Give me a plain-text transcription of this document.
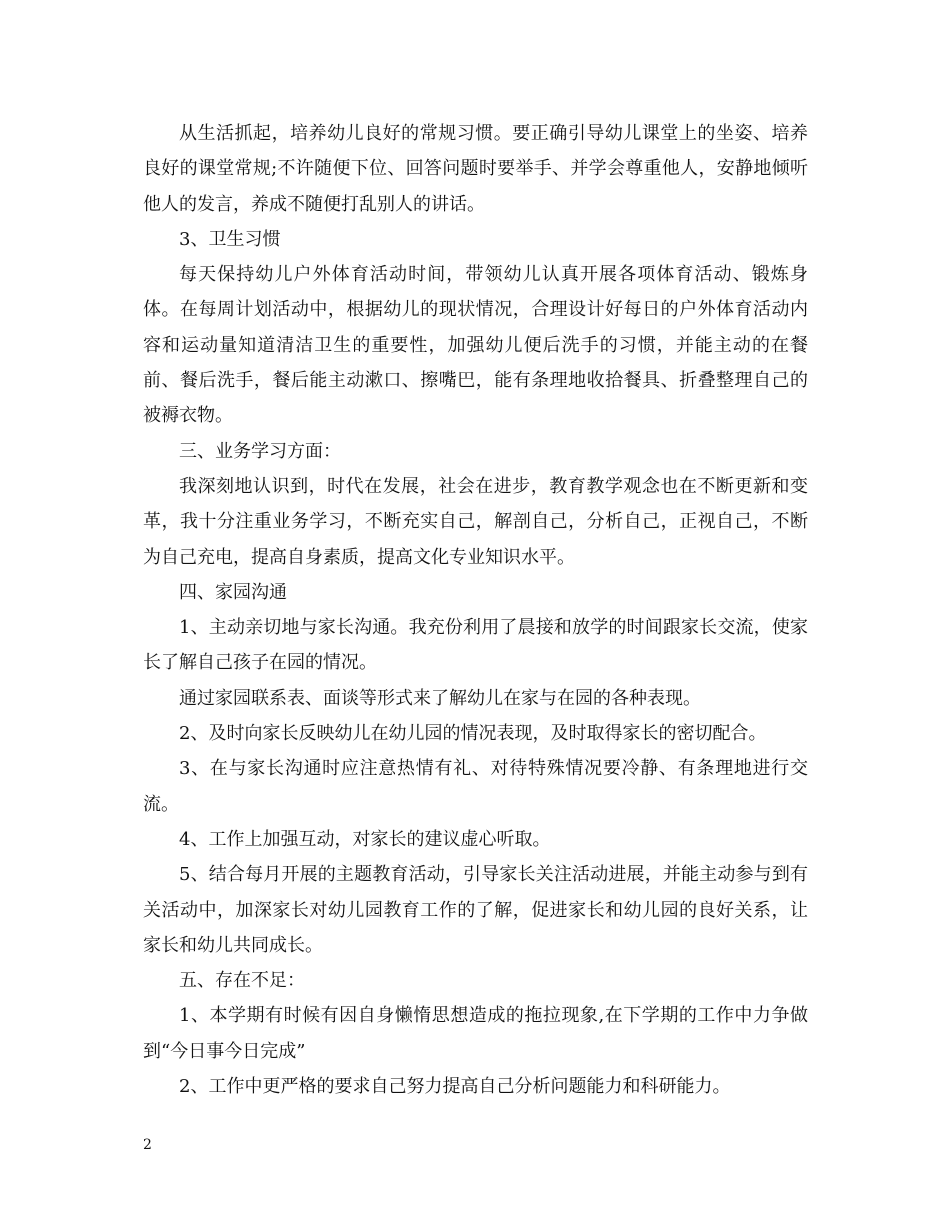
从生活抓起，培养幼儿良好的常规习惯。要正确引导幼儿课堂上的坐姿、培养良好的课堂常规;不许随便下位、回答问题时要举手、并学会尊重他人，安静地倾听他人的发言，养成不随便打乱别人的讲话。

3、卫生习惯

每天保持幼儿户外体育活动时间，带领幼儿认真开展各项体育活动、锻炼身体。在每周计划活动中，根据幼儿的现状情况，合理设计好每日的户外体育活动内容和运动量知道清洁卫生的重要性，加强幼儿便后洗手的习惯，并能主动的在餐前、餐后洗手，餐后能主动漱口、擦嘴巴，能有条理地收拾餐具、折叠整理自己的被褥衣物。

三、业务学习方面：

我深刻地认识到，时代在发展，社会在进步，教育教学观念也在不断更新和变革，我十分注重业务学习，不断充实自己，解剖自己，分析自己，正视自己，不断为自己充电，提高自身素质，提高文化专业知识水平。

四、家园沟通

1、主动亲切地与家长沟通。我充份利用了晨接和放学的时间跟家长交流，使家长了解自己孩子在园的情况。

通过家园联系表、面谈等形式来了解幼儿在家与在园的各种表现。

2、及时向家长反映幼儿在幼儿园的情况表现，及时取得家长的密切配合。

3、在与家长沟通时应注意热情有礼、对待特殊情况要冷静、有条理地进行交流。

4、工作上加强互动，对家长的建议虚心听取。

5、结合每月开展的主题教育活动，引导家长关注活动进展，并能主动参与到有关活动中，加深家长对幼儿园教育工作的了解，促进家长和幼儿园的良好关系，让家长和幼儿共同成长。

五、存在不足：

1、本学期有时候有因自身懒惰思想造成的拖拉现象,在下学期的工作中力争做到“今日事今日完成”

2、工作中更严格的要求自己努力提高自己分析问题能力和科研能力。

2
